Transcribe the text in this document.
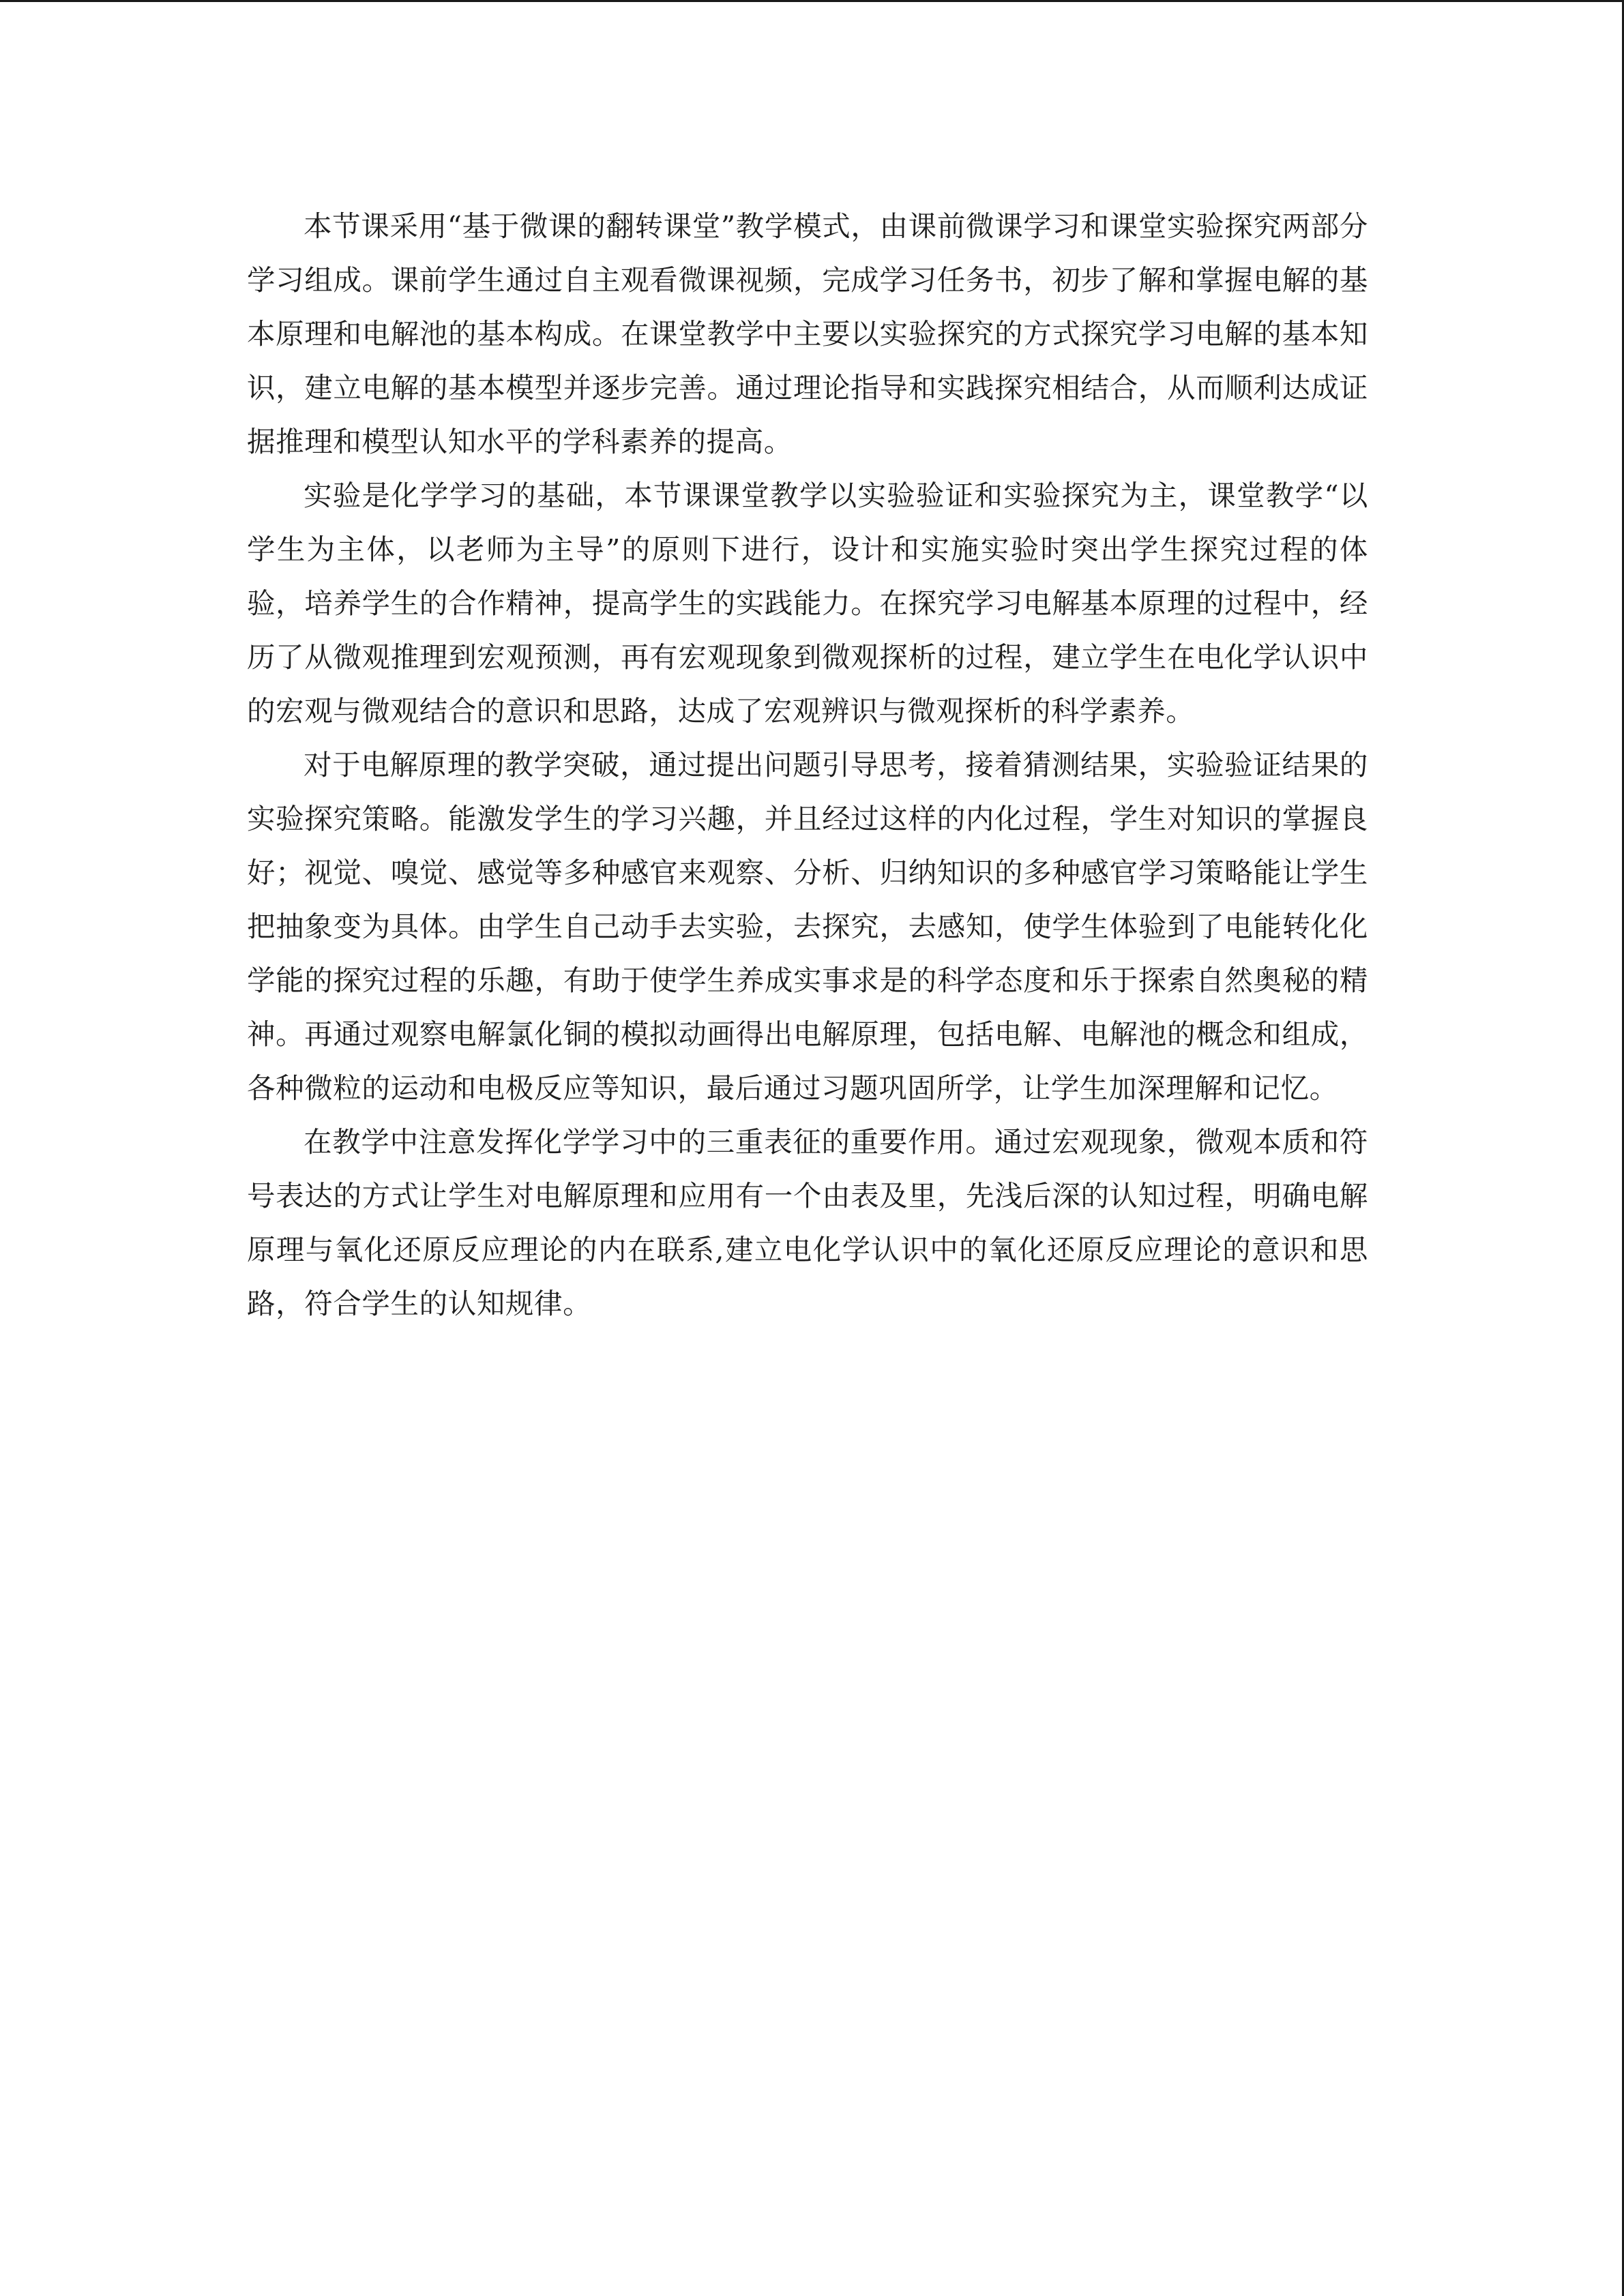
本节课采用“基于微课的翻转课堂”教学模式，由课前微课学习和课堂实验探究两部分学习组成。课前学生通过自主观看微课视频，完成学习任务书，初步了解和掌握电解的基本原理和电解池的基本构成。在课堂教学中主要以实验探究的方式探究学习电解的基本知识，建立电解的基本模型并逐步完善。通过理论指导和实践探究相结合，从而顺利达成证据推理和模型认知水平的学科素养的提高。

实验是化学学习的基础，本节课课堂教学以实验验证和实验探究为主，课堂教学“以学生为主体，以老师为主导”的原则下进行，设计和实施实验时突出学生探究过程的体验，培养学生的合作精神，提高学生的实践能力。在探究学习电解基本原理的过程中，经历了从微观推理到宏观预测，再有宏观现象到微观探析的过程，建立学生在电化学认识中的宏观与微观结合的意识和思路，达成了宏观辨识与微观探析的科学素养。

对于电解原理的教学突破，通过提出问题引导思考，接着猜测结果，实验验证结果的实验探究策略。能激发学生的学习兴趣，并且经过这样的内化过程，学生对知识的掌握良好；视觉、嗅觉、感觉等多种感官来观察、分析、归纳知识的多种感官学习策略能让学生把抽象变为具体。由学生自己动手去实验，去探究，去感知，使学生体验到了电能转化化学能的探究过程的乐趣，有助于使学生养成实事求是的科学态度和乐于探索自然奥秘的精神。再通过观察电解氯化铜的模拟动画得出电解原理，包括电解、电解池的概念和组成，各种微粒的运动和电极反应等知识，最后通过习题巩固所学，让学生加深理解和记忆。

在教学中注意发挥化学学习中的三重表征的重要作用。通过宏观现象，微观本质和符号表达的方式让学生对电解原理和应用有一个由表及里，先浅后深的认知过程，明确电解原理与氧化还原反应理论的内在联系,建立电化学认识中的氧化还原反应理论的意识和思路，符合学生的认知规律。
